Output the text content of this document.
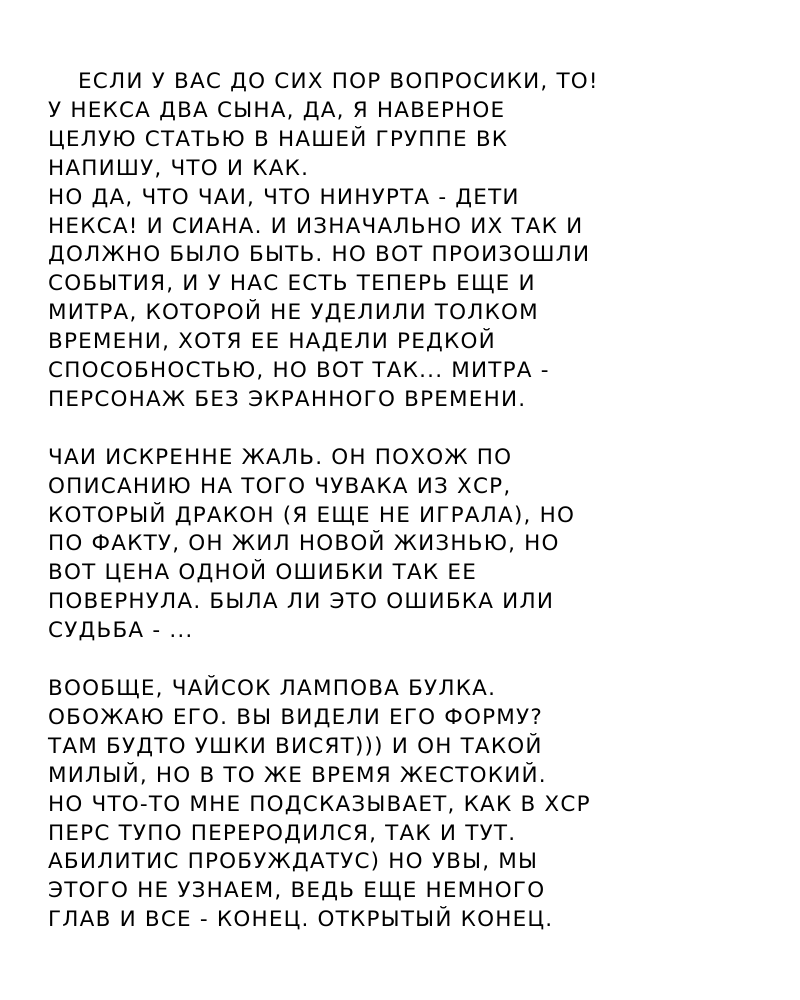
ЕСЛИ У ВАС ДО СИХ ПОР ВОПРОСИКИ, ТО!
У НЕКСА ДВА СЫНА, ДА, Я НАВЕРНОЕ
ЦЕЛУЮ СТАТЬЮ В НАШЕЙ ГРУППЕ ВК
НАПИШУ, ЧТО И КАК.
НО ДА, ЧТО ЧАИ, ЧТО НИНУРТА - ДЕТИ
НЕКСА! И СИАНА. И ИЗНАЧАЛЬНО ИХ ТАК И
ДОЛЖНО БЫЛО БЫТЬ. НО ВОТ ПРОИЗОШЛИ
СОБЫТИЯ, И У НАС ЕСТЬ ТЕПЕРЬ ЕЩЕ И
МИТРА, КОТОРОЙ НЕ УДЕЛИЛИ ТОЛКОМ
ВРЕМЕНИ, ХОТЯ ЕЕ НАДЕЛИ РЕДКОЙ
СПОСОБНОСТЬЮ, НО ВОТ ТАК... МИТРА -
ПЕРСОНАЖ БЕЗ ЭКРАННОГО ВРЕМЕНИ.
ЧАИ ИСКРЕННЕ ЖАЛЬ. ОН ПОХОЖ ПО
ОПИСАНИЮ НА ТОГО ЧУВАКА ИЗ ХСР,
КОТОРЫЙ ДРАКОН (Я ЕЩЕ НЕ ИГРАЛА), НО
ПО ФАКТУ, ОН ЖИЛ НОВОЙ ЖИЗНЬЮ, НО
ВОТ ЦЕНА ОДНОЙ ОШИБКИ ТАК ЕЕ
ПОВЕРНУЛА. БЫЛА ЛИ ЭТО ОШИБКА ИЛИ
СУДЬБА - ...
ВООБЩЕ, ЧАЙСОК ЛАМПОВА БУЛКА.
ОБОЖАЮ ЕГО. ВЫ ВИДЕЛИ ЕГО ФОРМУ?
ТАМ БУДТО УШКИ ВИСЯТ))) И ОН ТАКОЙ
МИЛЫЙ, НО В ТО ЖЕ ВРЕМЯ ЖЕСТОКИЙ.
НО ЧТО-ТО МНЕ ПОДСКАЗЫВАЕТ, КАК В ХСР
ПЕРС ТУПО ПЕРЕРОДИЛСЯ, ТАК И ТУТ.
АБИЛИТИС ПРОБУЖДАТУС) НО УВЫ, МЫ
ЭТОГО НЕ УЗНАЕМ, ВЕДЬ ЕЩЕ НЕМНОГО
ГЛАВ И ВСЕ - КОНЕЦ. ОТКРЫТЫЙ КОНЕЦ.
